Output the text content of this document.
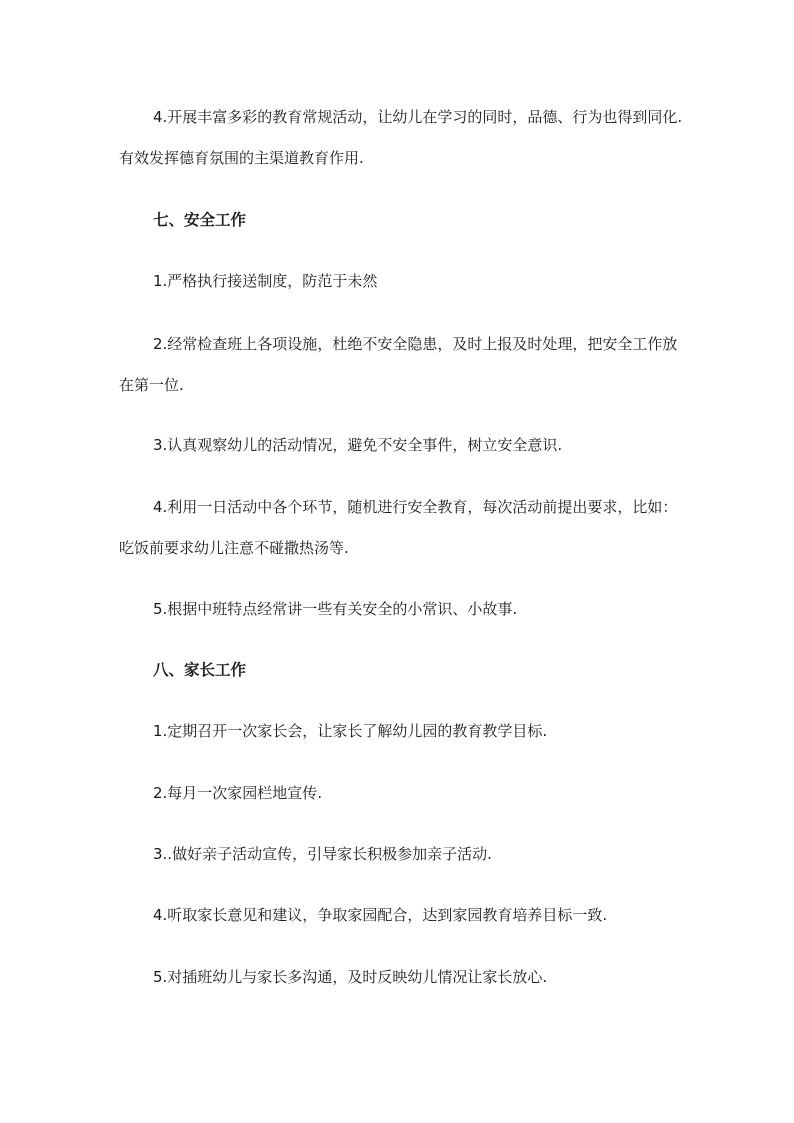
4.开展丰富多彩的教育常规活动，让幼儿在学习的同时，品德、行为也得到同化.有效发挥德育氛围的主渠道教育作用.

七、安全工作

1.严格执行接送制度，防范于未然

2.经常检查班上各项设施，杜绝不安全隐患，及时上报及时处理，把安全工作放在第一位.

3.认真观察幼儿的活动情况，避免不安全事件，树立安全意识.

4.利用一日活动中各个环节，随机进行安全教育，每次活动前提出要求，比如：吃饭前要求幼儿注意不碰撒热汤等.

5.根据中班特点经常讲一些有关安全的小常识、小故事.

八、家长工作

1.定期召开一次家长会，让家长了解幼儿园的教育教学目标.

2.每月一次家园栏地宣传.

3..做好亲子活动宣传，引导家长积极参加亲子活动.

4.听取家长意见和建议，争取家园配合，达到家园教育培养目标一致.

5.对插班幼儿与家长多沟通，及时反映幼儿情况让家长放心.
